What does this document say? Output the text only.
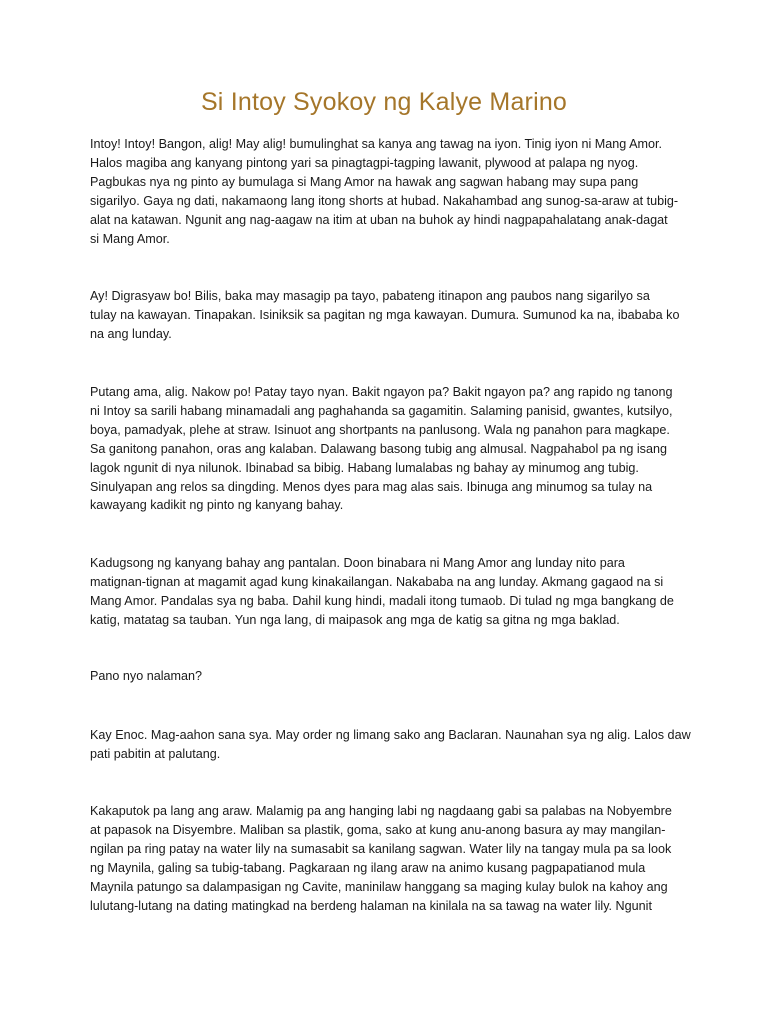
Si Intoy Syokoy ng Kalye Marino

Intoy! Intoy! Bangon, alig! May alig! bumulinghat sa kanya ang tawag na iyon. Tinig iyon ni Mang Amor.
Halos magiba ang kanyang pintong yari sa pinagtagpi-tagping lawanit, plywood at palapa ng nyog.
Pagbukas nya ng pinto ay bumulaga si Mang Amor na hawak ang sagwan habang may supa pang
sigarilyo. Gaya ng dati, nakamaong lang itong shorts at hubad. Nakahambad ang sunog-sa-araw at tubig-
alat na katawan. Ngunit ang nag-aagaw na itim at uban na buhok ay hindi nagpapahalatang anak-dagat
si Mang Amor.

Ay! Digrasyaw bo! Bilis, baka may masagip pa tayo, pabateng itinapon ang paubos nang sigarilyo sa
tulay na kawayan. Tinapakan. Isiniksik sa pagitan ng mga kawayan. Dumura. Sumunod ka na, ibababa ko
na ang lunday.

Putang ama, alig. Nakow po! Patay tayo nyan. Bakit ngayon pa? Bakit ngayon pa? ang rapido ng tanong
ni Intoy sa sarili habang minamadali ang paghahanda sa gagamitin. Salaming panisid, gwantes, kutsilyo,
boya, pamadyak, plehe at straw. Isinuot ang shortpants na panlusong. Wala ng panahon para magkape.
Sa ganitong panahon, oras ang kalaban. Dalawang basong tubig ang almusal. Nagpahabol pa ng isang
lagok ngunit di nya nilunok. Ibinabad sa bibig. Habang lumalabas ng bahay ay minumog ang tubig.
Sinulyapan ang relos sa dingding. Menos dyes para mag alas sais. Ibinuga ang minumog sa tulay na
kawayang kadikit ng pinto ng kanyang bahay.

Kadugsong ng kanyang bahay ang pantalan. Doon binabara ni Mang Amor ang lunday nito para
matignan-tignan at magamit agad kung kinakailangan. Nakababa na ang lunday. Akmang gagaod na si
Mang Amor. Pandalas sya ng baba. Dahil kung hindi, madali itong tumaob. Di tulad ng mga bangkang de
katig, matatag sa tauban. Yun nga lang, di maipasok ang mga de katig sa gitna ng mga baklad.

Pano nyo nalaman?

Kay Enoc. Mag-aahon sana sya. May order ng limang sako ang Baclaran. Naunahan sya ng alig. Lalos daw
pati pabitin at palutang.

Kakaputok pa lang ang araw. Malamig pa ang hanging labi ng nagdaang gabi sa palabas na Nobyembre
at papasok na Disyembre. Maliban sa plastik, goma, sako at kung anu-anong basura ay may mangilan-
ngilan pa ring patay na water lily na sumasabit sa kanilang sagwan. Water lily na tangay mula pa sa look
ng Maynila, galing sa tubig-tabang. Pagkaraan ng ilang araw na animo kusang pagpapatianod mula
Maynila patungo sa dalampasigan ng Cavite, maninilaw hanggang sa maging kulay bulok na kahoy ang
lulutang-lutang na dating matingkad na berdeng halaman na kinilala na sa tawag na water lily. Ngunit
